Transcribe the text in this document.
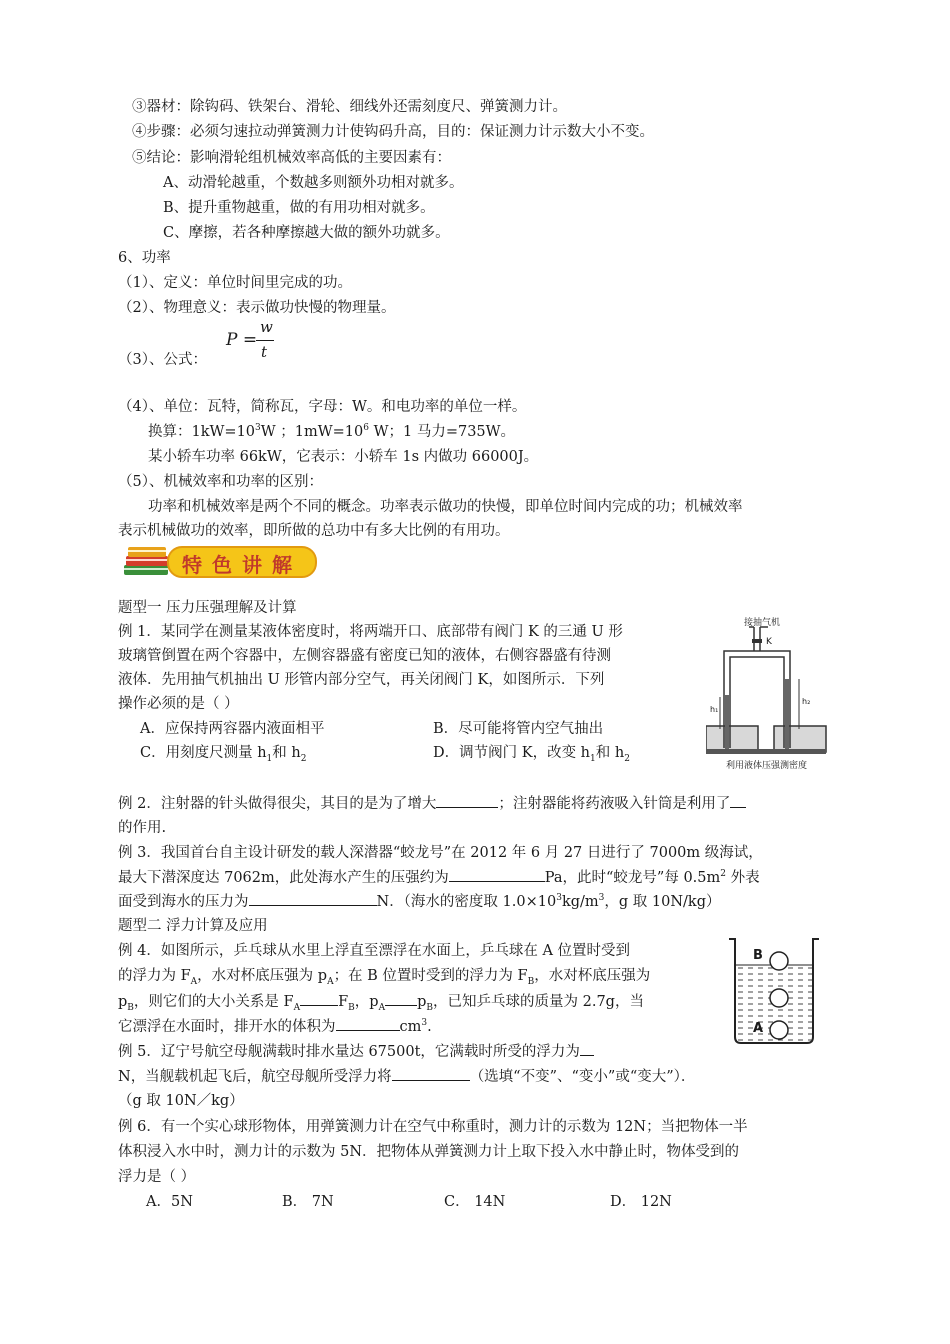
③器材：除钩码、铁架台、滑轮、细线外还需刻度尺、弹簧测力计。
④步骤：必须匀速拉动弹簧测力计使钩码升高，目的：保证测力计示数大小不变。
⑤结论：影响滑轮组机械效率高低的主要因素有：
A、动滑轮越重，个数越多则额外功相对就多。
B、提升重物越重，做的有用功相对就多。
C、摩擦，若各种摩擦越大做的额外功就多。
6、功率
（1）、定义：单位时间里完成的功。
（2）、物理意义：表示做功快慢的物理量。
（3）、公式：
P =
w
t
（4）、单位：瓦特，简称瓦，字母：W。和电功率的单位一样。
换算：$1kW=10^3W$ ；$1mW=10^6$ W；1 马力=735W。
某小轿车功率 66kW，它表示：小轿车 1s 内做功 66000J。
（5）、机械效率和功率的区别：
功率和机械效率是两个不同的概念。功率表示做功的快慢，即单位时间内完成的功；机械效率
表示机械做功的效率，即所做的总功中有多大比例的有用功。
特色讲解
题型一 压力压强理解及计算
例 1．某同学在测量某液体密度时，将两端开口、底部带有阀门 K 的三通 U 形
玻璃管倒置在两个容器中，左侧容器盛有密度已知的液体，右侧容器盛有待测
液体．先用抽气机抽出 U 形管内部分空气，再关闭阀门 K，如图所示．下列
操作必须的是（ ）
A．应保持两容器内液面相平	B．尽可能将管内空气抽出
C．用刻度尺测量 $h_1$和 $h_2$	D．调节阀门 K，改变 $h_1$和 $h_2$
接抽气机
K
h₁
h₂
利用液体压强测密度
例 2．注射器的针头做得很尖，其目的是为了增大	；注射器能将药液吸入针筒是利用了
的作用.
例 3．我国首台自主设计研发的载人深潜器“蛟龙号”在 2012 年 6 月 27 日进行了 7000m 级海试，
最大下潜深度达 7062m，此处海水产生的压强约为	Pa，此时“蛟龙号”每 $0.5m^2$ 外表
面受到海水的压力为	N．（海水的密度取 $1.0\times 10^3kg/m^3$，g 取 10N/kg）
题型二 浮力计算及应用
例 4．如图所示，乒乓球从水里上浮直至漂浮在水面上，乒乓球在 A 位置时受到
的浮力为 $F_A$，水对杯底压强为 $p_A$；在 B 位置时受到的浮力为 $F_B$，水对杯底压强为
$p_B$，则它们的大小关系是 $F_A$	$F_B$，$p_A$ $p_B$，已知乒乓球的质量为 2.7g，当
它漂浮在水面时，排开水的体积为	$cm^3$.
B
A
例 5．辽宁号航空母舰满载时排水量达 67500t，它满载时所受的浮力为
N，当舰载机起飞后，航空母舰所受浮力将	（选填“不变”、“变小”或“变大”）．
（g 取 10N／kg）
例 6．有一个实心球形物体，用弹簧测力计在空气中称重时，测力计的示数为 12N；当把物体一半
体积浸入水中时，测力计的示数为 5N．把物体从弹簧测力计上取下投入水中静止时，物体受到的
浮力是（ ）
A．5N	B． 7N	C． 14N	D． 12N
